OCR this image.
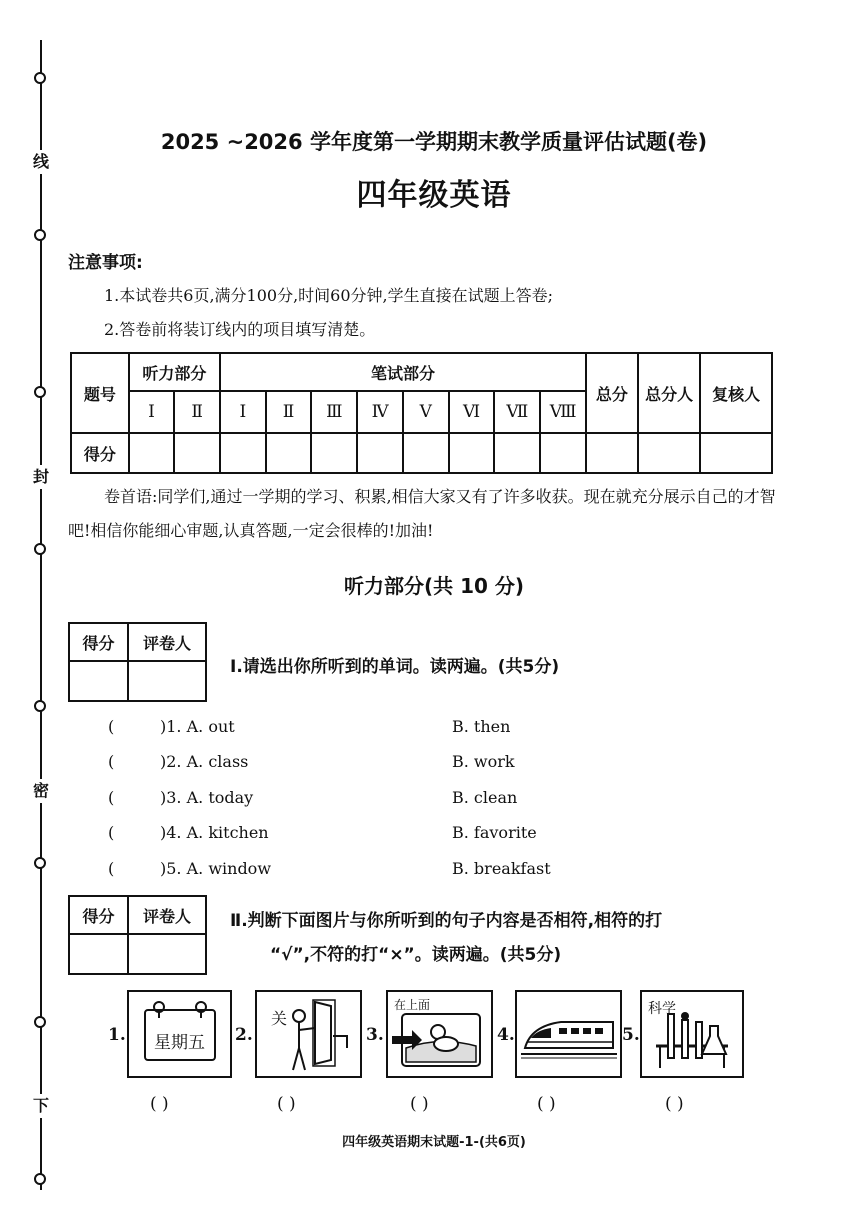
线
封
密
下
2025 ~2026 学年度第一学期期末教学质量评估试题(卷)
四年级英语
注意事项:
1.本试卷共6页,满分100分,时间60分钟,学生直接在试题上答卷;
2.答卷前将装订线内的项目填写清楚。
题号	听力部分		笔试部分								总分	总分人	复核人
	Ⅰ	Ⅱ	Ⅰ	Ⅱ	Ⅲ	Ⅳ	Ⅴ	Ⅵ	Ⅶ	Ⅷ			
得分													
卷首语:同学们,通过一学期的学习、积累,相信大家又有了许多收获。现在就充分展示自己的才智吧!相信你能细心审题,认真答题,一定会很棒的!加油!
听力部分(共 10 分)
得分	评卷人

Ⅰ.请选出你所听到的单词。读两遍。(共5分)
(	)1. A. out	B. then
(	)2. A. class	B. work
(	)3. A. today	B. clean
(	)4. A. kitchen	B. favorite
(	)5. A. window	B. breakfast
得分	评卷人
	Ⅱ.判断下面图片与你所听到的句子内容是否相符,相符的打
“√”,不符的打“×”。读两遍。(共5分)
1.	星期五	2.
关
3.
在上面
4.	5.
科学
( )	( )	( )	( )	( )
四年级英语期末试题-1-(共6页)
